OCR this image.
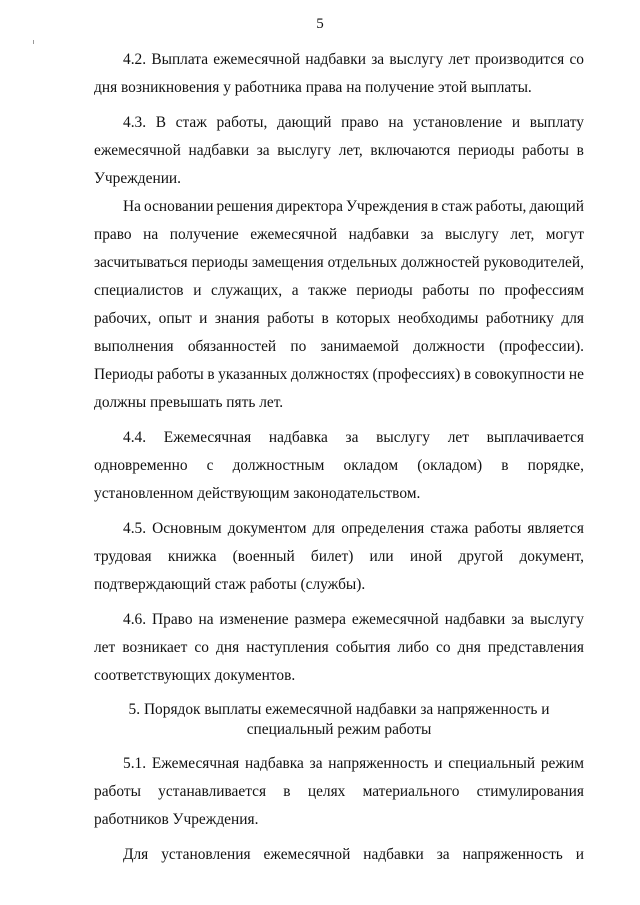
5
4.2. Выплата ежемесячной надбавки за выслугу лет производится со
дня возникновения у работника права на получение этой выплаты.
4.3. В стаж работы, дающий право на установление и выплату
ежемесячной надбавки за выслугу лет, включаются периоды работы в
Учреждении.
На основании решения директора Учреждения в стаж работы, дающий
право на получение ежемесячной надбавки за выслугу лет, могут
засчитываться периоды замещения отдельных должностей руководителей,
специалистов и служащих, а также периоды работы по профессиям
рабочих, опыт и знания работы в которых необходимы работнику для
выполнения обязанностей по занимаемой должности (профессии).
Периоды работы в указанных должностях (профессиях) в совокупности не
должны превышать пять лет.
4.4. Ежемесячная надбавка за выслугу лет выплачивается
одновременно с должностным окладом (окладом) в порядке,
установленном действующим законодательством.
4.5. Основным документом для определения стажа работы является
трудовая книжка (военный билет) или иной другой документ,
подтверждающий стаж работы (службы).
4.6. Право на изменение размера ежемесячной надбавки за выслугу
лет возникает со дня наступления события либо со дня представления
соответствующих документов.
5. Порядок выплаты ежемесячной надбавки за напряженность и
специальный режим работы
5.1. Ежемесячная надбавка за напряженность и специальный режим
работы устанавливается в целях материального стимулирования
работников Учреждения.
Для установления ежемесячной надбавки за напряженность и
